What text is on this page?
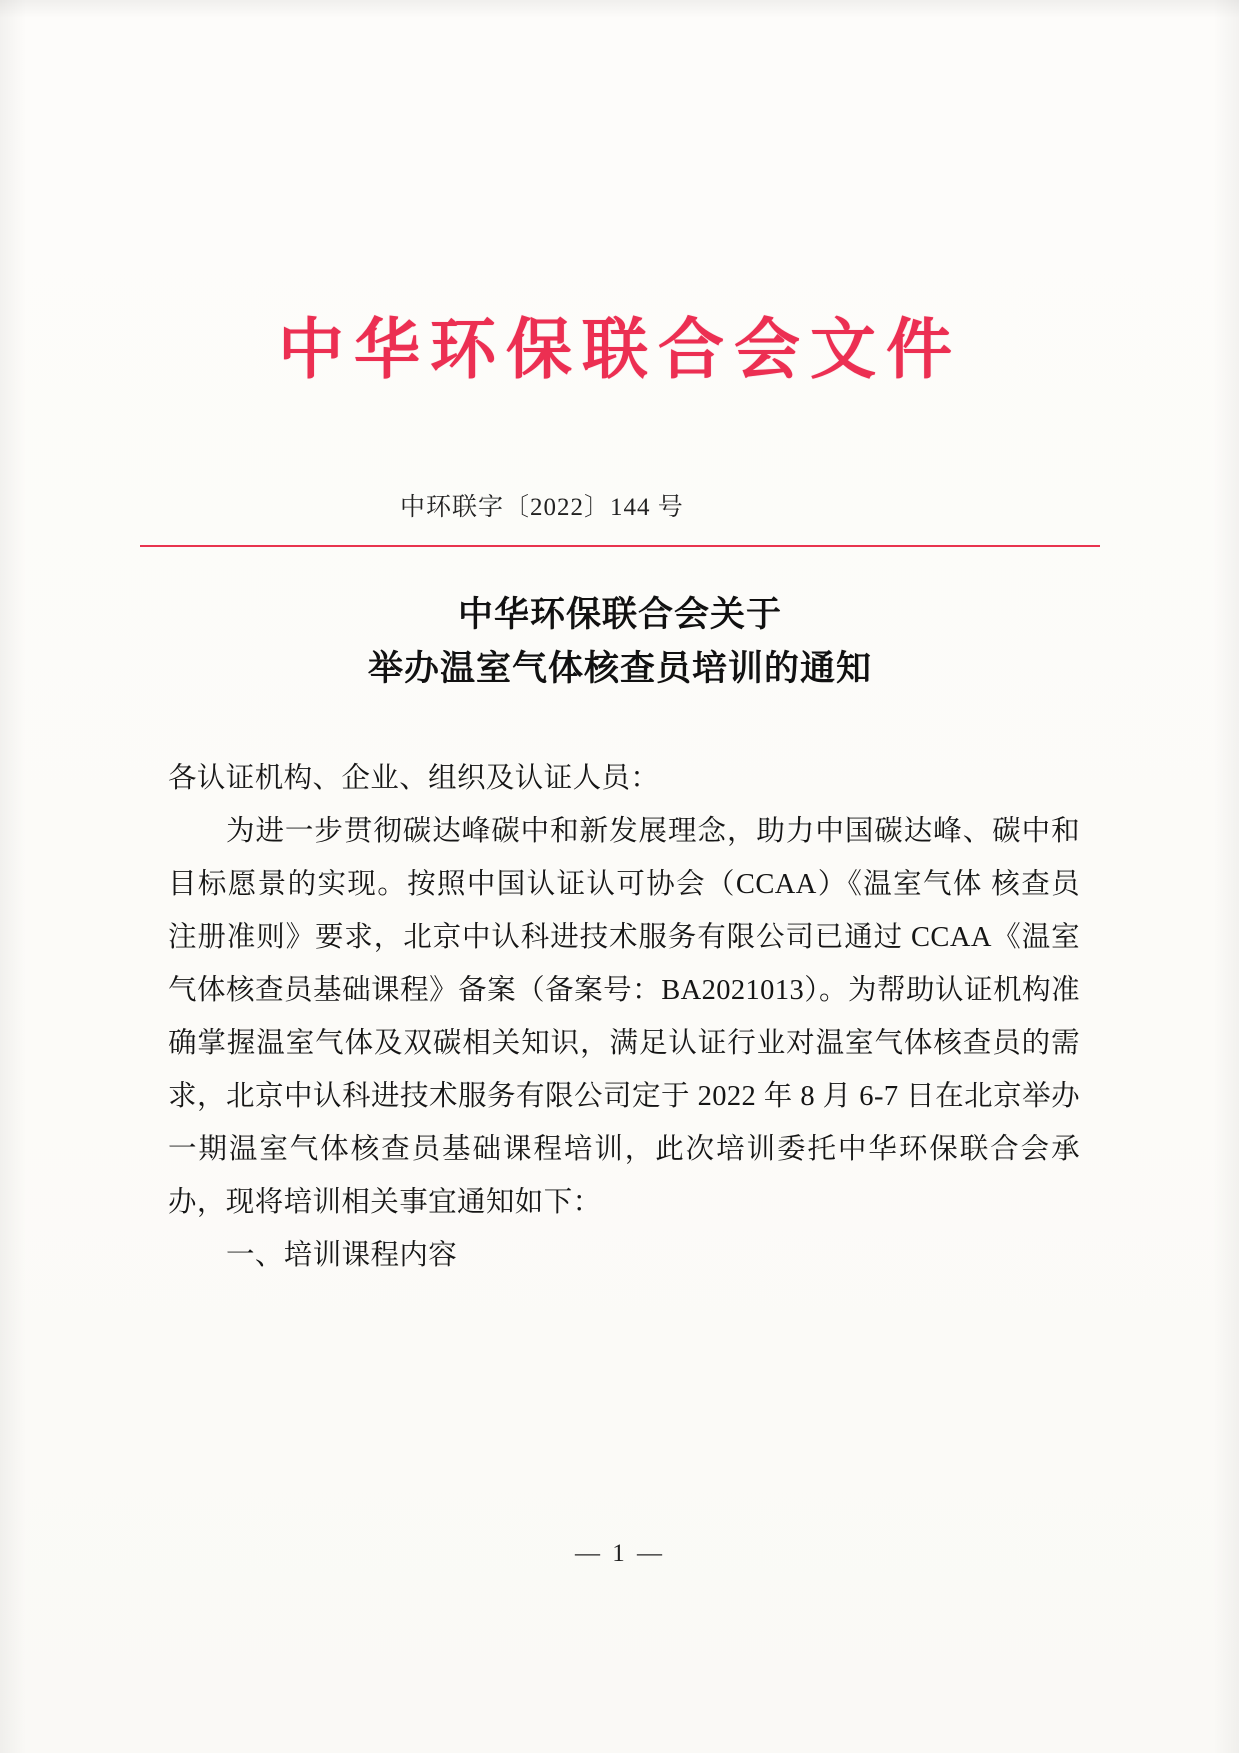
中华环保联合会文件
中环联字〔2022〕144 号
中华环保联合会关于
举办温室气体核查员培训的通知

各认证机构、企业、组织及认证人员：

为进一步贯彻碳达峰碳中和新发展理念，助力中国碳达峰、碳中和目标愿景的实现。按照中国认证认可协会（CCAA）《温室气体 核查员注册准则》要求，北京中认科进技术服务有限公司已通过 CCAA《温室气体核查员基础课程》备案（备案号：BA2021013）。为帮助认证机构准确掌握温室气体及双碳相关知识，满足认证行业对温室气体核查员的需求，北京中认科进技术服务有限公司定于 2022 年 8 月 6-7 日在北京举办一期温室气体核查员基础课程培训，此次培训委托中华环保联合会承办，现将培训相关事宜通知如下：

一、培训课程内容

— 1 —
